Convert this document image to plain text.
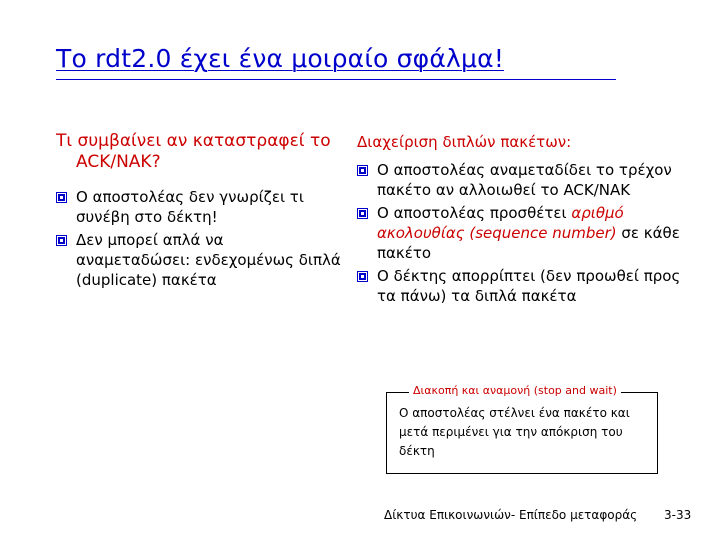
Το rdt2.0 έχει ένα μοιραίο σφάλμα!
Τι συμβαίνει αν καταστραφεί το ACK/NAK?
Ο αποστολέας δεν γνωρίζει τι συνέβη στο δέκτη!
Δεν μπορεί απλά να αναμεταδώσει: ενδεχομένως διπλά (duplicate) πακέτα
Διαχείριση διπλών πακέτων:
Ο αποστολέας αναμεταδίδει το τρέχον πακέτο αν αλλοιωθεί το ACK/NAK
Ο αποστολέας προσθέτει αριθμό ακολουθίας (sequence number) σε κάθε πακέτο
Ο δέκτης απορρίπτει (δεν προωθεί προς τα πάνω) τα διπλά πακέτα
Διακοπή και αναμονή (stop and wait)
Ο αποστολέας στέλνει ένα πακέτο και μετά περιμένει για την απόκριση του δέκτη
Δίκτυα Επικοινωνιών- Επίπεδο μεταφοράς 3-33
